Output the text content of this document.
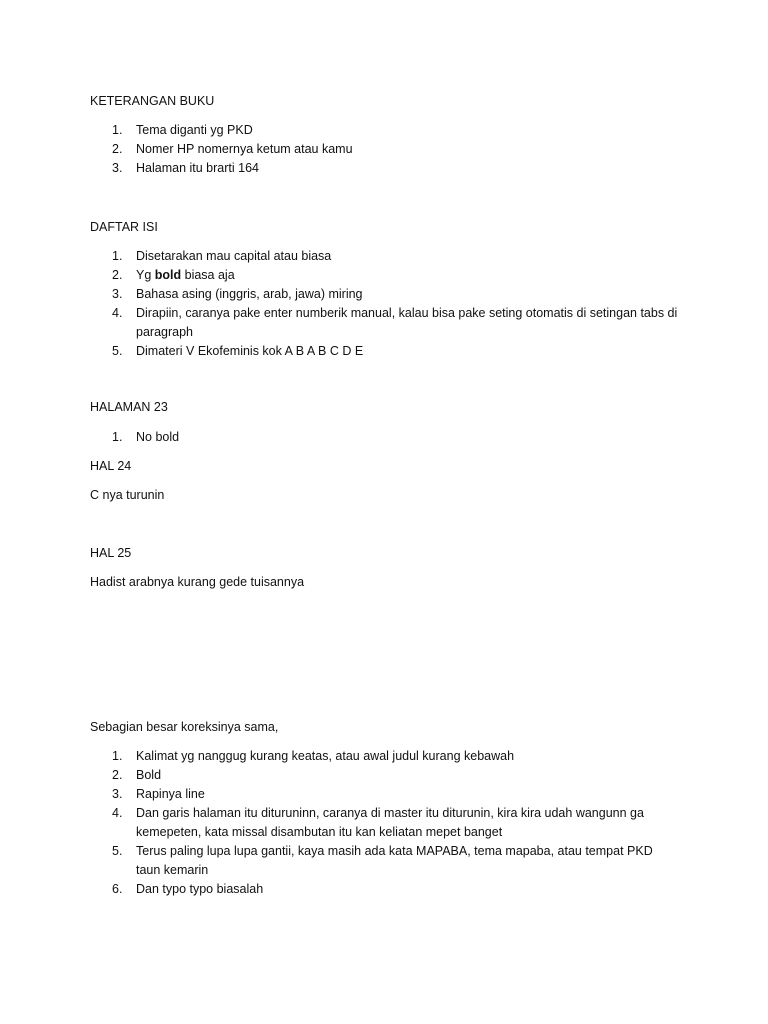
KETERANGAN BUKU

1. Tema diganti yg PKD
2. Nomer HP nomernya ketum atau kamu
3. Halaman itu brarti 164

DAFTAR ISI

1. Disetarakan mau capital atau biasa
2. Yg bold biasa aja
3. Bahasa asing (inggris, arab, jawa) miring
4. Dirapiin, caranya pake enter numberik manual, kalau bisa pake seting otomatis di setingan tabs di paragraph
5. Dimateri V Ekofeminis kok A B A B C D E

HALAMAN 23

1. No bold

HAL 24

C nya turunin

HAL 25

Hadist arabnya kurang gede tuisannya

Sebagian besar koreksinya sama,

1. Kalimat yg nanggug kurang keatas, atau awal judul kurang kebawah
2. Bold
3. Rapinya line
4. Dan garis halaman itu dituruninn, caranya di master itu diturunin, kira kira udah wangunn ga kemepeten, kata missal disambutan itu kan keliatan mepet banget
5. Terus paling lupa lupa gantii, kaya masih ada kata MAPABA, tema mapaba, atau tempat PKD taun kemarin
6. Dan typo typo biasalah
